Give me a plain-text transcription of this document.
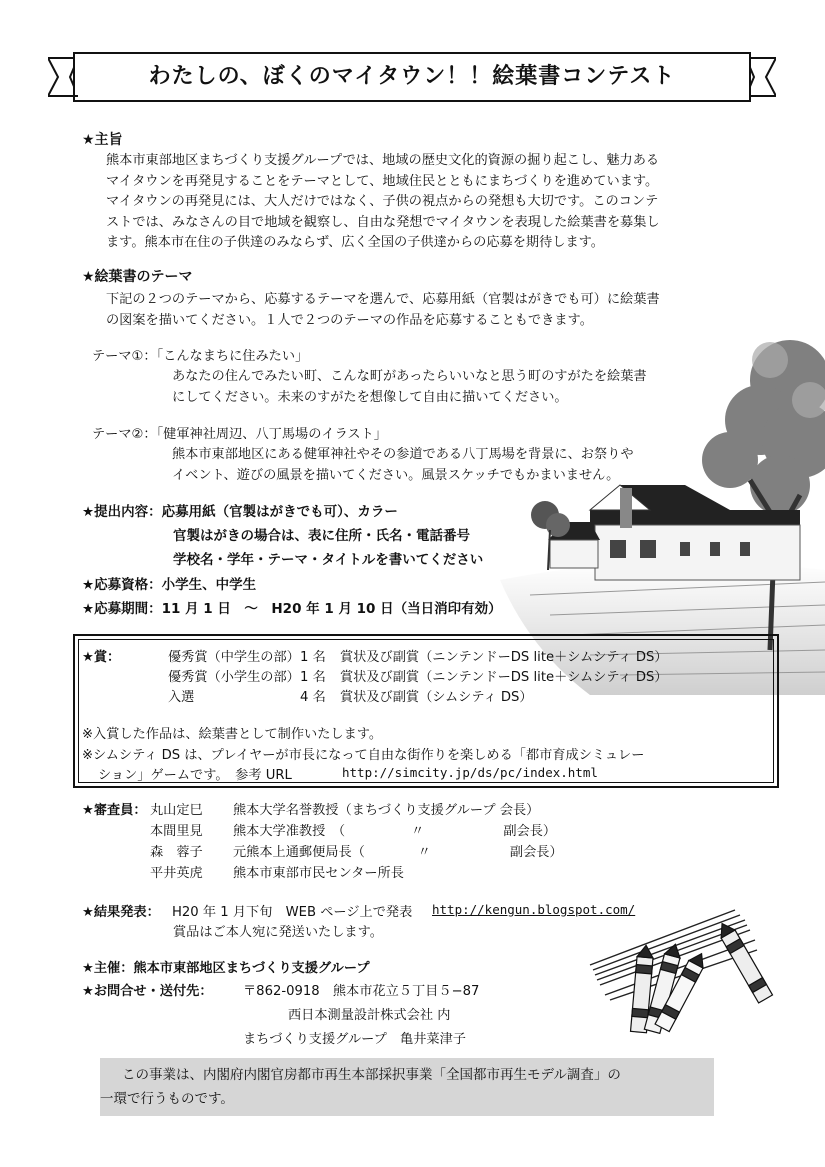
わたしの、ぼくのマイタウン！！絵葉書コンテスト
★主旨
熊本市東部地区まちづくり支援グループでは、地域の歴史文化的資源の掘り起こし、魅力ある
マイタウンを再発見することをテーマとして、地域住民とともにまちづくりを進めています。
マイタウンの再発見には、大人だけではなく、子供の視点からの発想も大切です。このコンテ
ストでは、みなさんの目で地域を観察し、自由な発想でマイタウンを表現した絵葉書を募集し
ます。熊本市在住の子供達のみならず、広く全国の子供達からの応募を期待します。
★絵葉書のテーマ
下記の２つのテーマから、応募するテーマを選んで、応募用紙（官製はがきでも可）に絵葉書
の図案を描いてください。１人で２つのテーマの作品を応募することもできます。
テーマ①：「こんなまちに住みたい」
あなたの住んでみたい町、こんな町があったらいいなと思う町のすがたを絵葉書
にしてください。未来のすがたを想像して自由に描いてください。
テーマ②：「健軍神社周辺、八丁馬場のイラスト」
熊本市東部地区にある健軍神社やその参道である八丁馬場を背景に、お祭りや
イベント、遊びの風景を描いてください。風景スケッチでもかまいません。
★提出内容：応募用紙（官製はがきでも可）、カラー
官製はがきの場合は、表に住所・氏名・電話番号
学校名・学年・テーマ・タイトルを書いてください
★応募資格：小学生、中学生
★応募期間：11 月 1 日　～　H20 年 1 月 10 日（当日消印有効）
★賞：	優秀賞（中学生の部） 1 名 賞状及び副賞（ニンテンドーDS lite＋シムシティ DS）
優秀賞（小学生の部） 1 名 賞状及び副賞（ニンテンドーDS lite＋シムシティ DS）
入選	4 名 賞状及び副賞（シムシティ DS）
※入賞した作品は、絵葉書として制作いたします。
※シムシティ DS は、プレイヤーが市長になって自由な街作りを楽しめる「都市育成シミュレー
ション」ゲームです。　参考 URL	http://simcity.jp/ds/pc/index.html
★審査員： 丸山定巳 熊本大学名誉教授（まちづくり支援グループ 会長）
本間里見 熊本大学准教授　（　　　　　〃　　　　　　副会長）
森　蓉子 元熊本上通郵便局長（　　　　〃　　　　　　副会長）
平井英虎 熊本市東部市民センター所長
★結果発表： H20 年 1 月下旬　WEB ページ上で発表 http://kengun.blogspot.com/
賞品はご本人宛に発送いたします。
★主催：熊本市東部地区まちづくり支援グループ
★お問合せ・送付先： 〒862-0918　熊本市花立５丁目５−87
西日本測量設計株式会社 内
まちづくり支援グループ　亀井菜津子
この事業は、内閣府内閣官房都市再生本部採択事業「全国都市再生モデル調査」の
一環で行うものです。
